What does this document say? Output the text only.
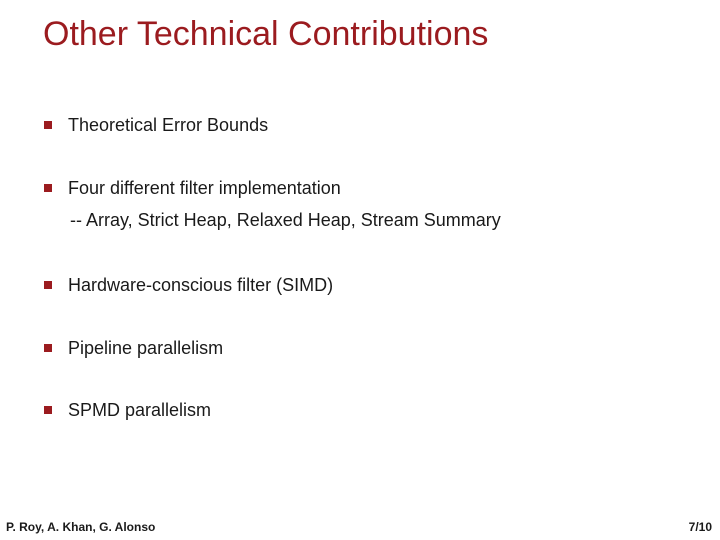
Other Technical Contributions
Theoretical Error Bounds
Four different filter implementation
-- Array, Strict Heap, Relaxed Heap, Stream Summary
Hardware-conscious filter (SIMD)
Pipeline parallelism
SPMD parallelism
P. Roy, A. Khan, G. Alonso	7/10
